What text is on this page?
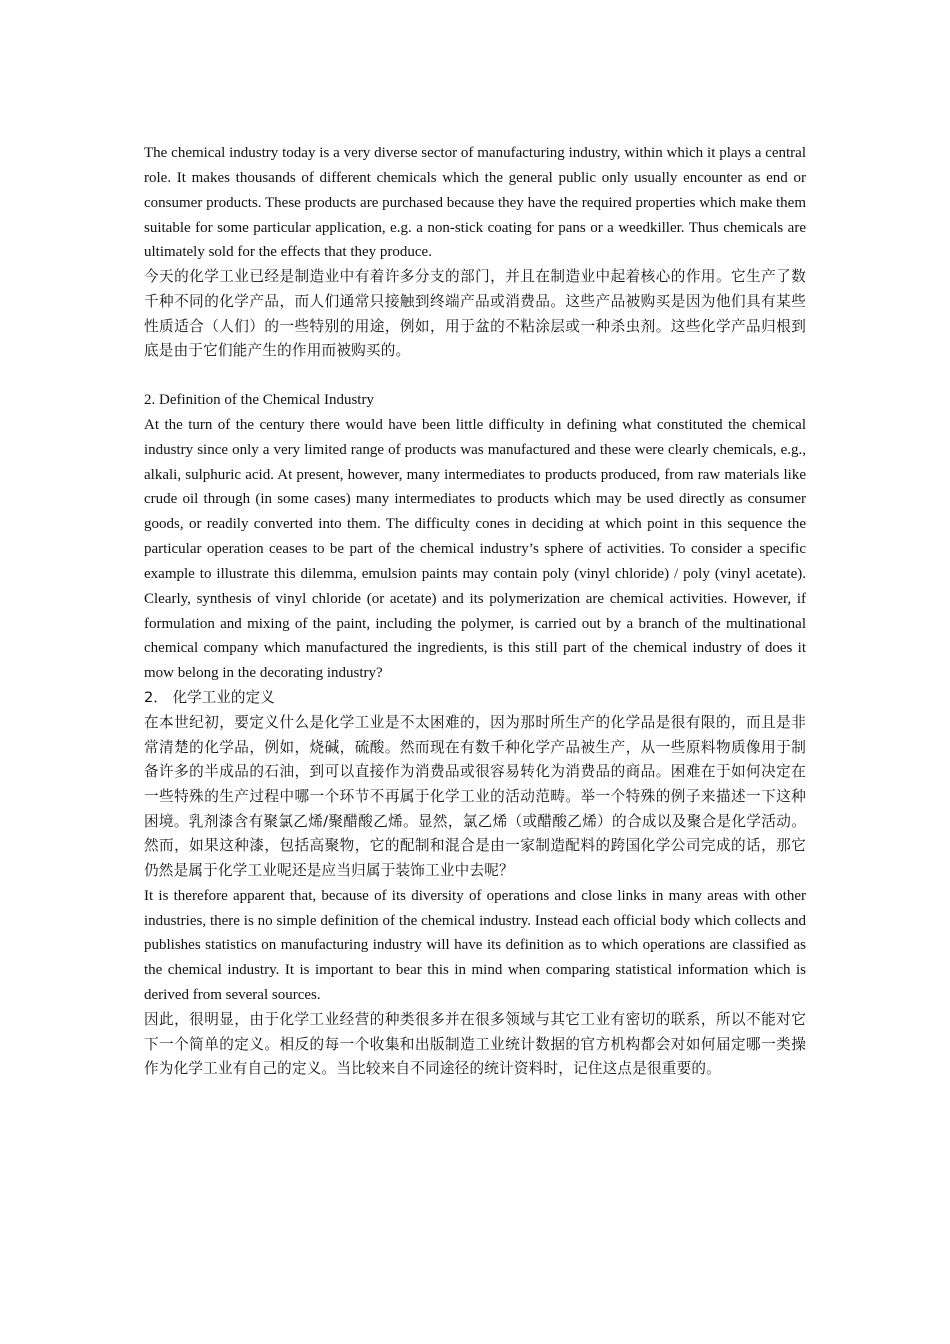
The chemical industry today is a very diverse sector of manufacturing industry, within which it plays a central role. It makes thousands of different chemicals which the general public only usually encounter as end or consumer products. These products are purchased because they have the required properties which make them suitable for some particular application, e.g. a non-stick coating for pans or a weedkiller. Thus chemicals are ultimately sold for the effects that they produce.

今天的化学工业已经是制造业中有着许多分支的部门，并且在制造业中起着核心的作用。它生产了数千种不同的化学产品，而人们通常只接触到终端产品或消费品。这些产品被购买是因为他们具有某些性质适合（人们）的一些特别的用途，例如，用于盆的不粘涂层或一种杀虫剂。这些化学产品归根到底是由于它们能产生的作用而被购买的。

2. Definition of the Chemical Industry

At the turn of the century there would have been little difficulty in defining what constituted the chemical industry since only a very limited range of products was manufactured and these were clearly chemicals, e.g., alkali, sulphuric acid. At present, however, many intermediates to products produced, from raw materials like crude oil through (in some cases) many intermediates to products which may be used directly as consumer goods, or readily converted into them. The difficulty cones in deciding at which point in this sequence the particular operation ceases to be part of the chemical industry’s sphere of activities. To consider a specific example to illustrate this dilemma, emulsion paints may contain poly (vinyl chloride) / poly (vinyl acetate). Clearly, synthesis of vinyl chloride (or acetate) and its polymerization are chemical activities. However, if formulation and mixing of the paint, including the polymer, is carried out by a branch of the multinational chemical company which manufactured the ingredients, is this still part of the chemical industry of does it mow belong in the decorating industry?

2． 化学工业的定义

在本世纪初，要定义什么是化学工业是不太困难的，因为那时所生产的化学品是很有限的，而且是非常清楚的化学品，例如，烧碱，硫酸。然而现在有数千种化学产品被生产，从一些原料物质像用于制备许多的半成品的石油，到可以直接作为消费品或很容易转化为消费品的商品。困难在于如何决定在一些特殊的生产过程中哪一个环节不再属于化学工业的活动范畴。举一个特殊的例子来描述一下这种困境。乳剂漆含有聚氯乙烯/聚醋酸乙烯。显然，氯乙烯（或醋酸乙烯）的合成以及聚合是化学活动。然而，如果这种漆，包括高聚物，它的配制和混合是由一家制造配料的跨国化学公司完成的话，那它仍然是属于化学工业呢还是应当归属于装饰工业中去呢？

It is therefore apparent that, because of its diversity of operations and close links in many areas with other industries, there is no simple definition of the chemical industry. Instead each official body which collects and publishes statistics on manufacturing industry will have its definition as to which operations are classified as the chemical industry. It is important to bear this in mind when comparing statistical information which is derived from several sources.

因此，很明显，由于化学工业经营的种类很多并在很多领域与其它工业有密切的联系，所以不能对它下一个简单的定义。相反的每一个收集和出版制造工业统计数据的官方机构都会对如何届定哪一类操作为化学工业有自己的定义。当比较来自不同途径的统计资料时，记住这点是很重要的。
